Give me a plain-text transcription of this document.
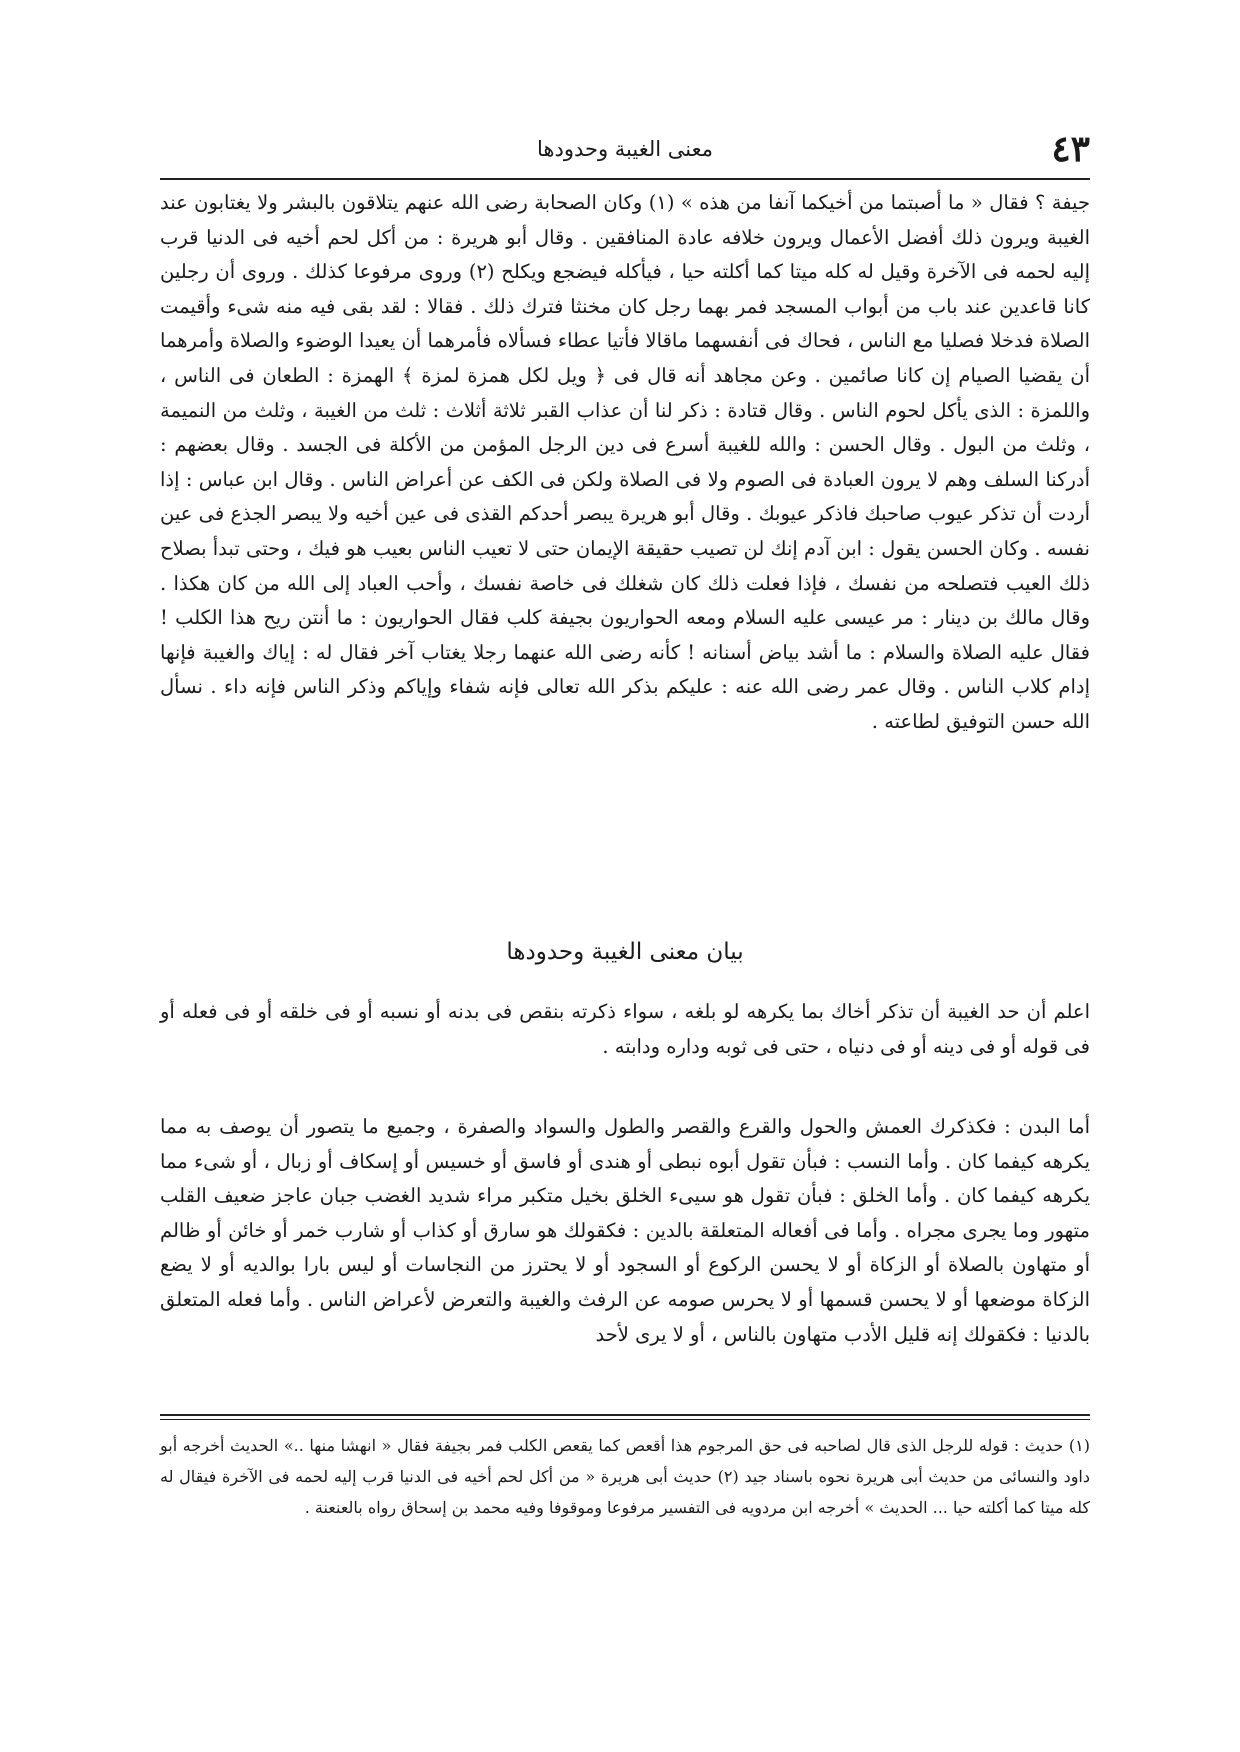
٤٣
معنى الغيبة وحدودها

جيفة ؟ فقال « ما أصبتما من أخيكما آنفا من هذه » (١) وكان الصحابة رضى الله عنهم يتلاقون بالبشر ولا يغتابون عند الغيبة ويرون ذلك أفضل الأعمال ويرون خلافه عادة المنافقين . وقال أبو هريرة : من أكل لحم أخيه فى الدنيا قرب إليه لحمه فى الآخرة وقيل له كله ميتا كما أكلته حيا ، فيأكله فيضجع ويكلح (٢) وروى مرفوعا كذلك . وروى أن رجلين كانا قاعدين عند باب من أبواب المسجد فمر بهما رجل كان مخنثا فترك ذلك . فقالا : لقد بقى فيه منه شىء وأقيمت الصلاة فدخلا فصليا مع الناس ، فحاك فى أنفسهما ماقالا فأتيا عطاء فسألاه فأمرهما أن يعيدا الوضوء والصلاة وأمرهما أن يقضيا الصيام إن كانا صائمين . وعن مجاهد أنه قال فى ﴿ ويل لكل همزة لمزة ﴾ الهمزة : الطعان فى الناس ، واللمزة : الذى يأكل لحوم الناس . وقال قتادة : ذكر لنا أن عذاب القبر ثلاثة أثلاث : ثلث من الغيبة ، وثلث من النميمة ، وثلث من البول . وقال الحسن : والله للغيبة أسرع فى دين الرجل المؤمن من الأكلة فى الجسد . وقال بعضهم : أدركنا السلف وهم لا يرون العبادة فى الصوم ولا فى الصلاة ولكن فى الكف عن أعراض الناس . وقال ابن عباس : إذا أردت أن تذكر عيوب صاحبك فاذكر عيوبك . وقال أبو هريرة يبصر أحدكم القذى فى عين أخيه ولا يبصر الجذع فى عين نفسه . وكان الحسن يقول : ابن آدم إنك لن تصيب حقيقة الإيمان حتى لا تعيب الناس بعيب هو فيك ، وحتى تبدأ بصلاح ذلك العيب فتصلحه من نفسك ، فإذا فعلت ذلك كان شغلك فى خاصة نفسك ، وأحب العباد إلى الله من كان هكذا . وقال مالك بن دينار : مر عيسى عليه السلام ومعه الحواريون بجيفة كلب فقال الحواريون : ما أنتن ريح هذا الكلب ! فقال عليه الصلاة والسلام : ما أشد بياض أسنانه ! كأنه رضى الله عنهما رجلا يغتاب آخر فقال له : إياك والغيبة فإنها إدام كلاب الناس . وقال عمر رضى الله عنه : عليكم بذكر الله تعالى فإنه شفاء وإياكم وذكر الناس فإنه داء . نسأل الله حسن التوفيق لطاعته .

بيان معنى الغيبة وحدودها

اعلم أن حد الغيبة أن تذكر أخاك بما يكرهه لو بلغه ، سواء ذكرته بنقص فى بدنه أو نسبه أو فى خلقه أو فى فعله أو فى قوله أو فى دينه أو فى دنياه ، حتى فى ثوبه وداره ودابته .

أما البدن : فكذكرك العمش والحول والقرع والقصر والطول والسواد والصفرة ، وجميع ما يتصور أن يوصف به مما يكرهه كيفما كان . وأما النسب : فبأن تقول أبوه نبطى أو هندى أو فاسق أو خسيس أو إسكاف أو زبال ، أو شىء مما يكرهه كيفما كان . وأما الخلق : فبأن تقول هو سيىء الخلق بخيل متكبر مراء شديد الغضب جبان عاجز ضعيف القلب متهور وما يجرى مجراه . وأما فى أفعاله المتعلقة بالدين : فكقولك هو سارق أو كذاب أو شارب خمر أو خائن أو ظالم أو متهاون بالصلاة أو الزكاة أو لا يحسن الركوع أو السجود أو لا يحترز من النجاسات أو ليس بارا بوالديه أو لا يضع الزكاة موضعها أو لا يحسن قسمها أو لا يحرس صومه عن الرفث والغيبة والتعرض لأعراض الناس . وأما فعله المتعلق بالدنيا : فكقولك إنه قليل الأدب متهاون بالناس ، أو لا يرى لأحد

(١) حديث : قوله للرجل الذى قال لصاحبه فى حق المرجوم هذا أقعص كما يقعص الكلب فمر بجيفة فقال « انهشا منها ..» الحديث أخرجه أبو داود والنسائى من حديث أبى هريرة نحوه باسناد جيد (٢) حديث أبى هريرة « من أكل لحم أخيه فى الدنيا قرب إليه لحمه فى الآخرة فيقال له كله ميتا كما أكلته حيا ... الحديث » أخرجه ابن مردويه فى التفسير مرفوعا وموقوفا وفيه محمد بن إسحاق رواه بالعنعنة .
